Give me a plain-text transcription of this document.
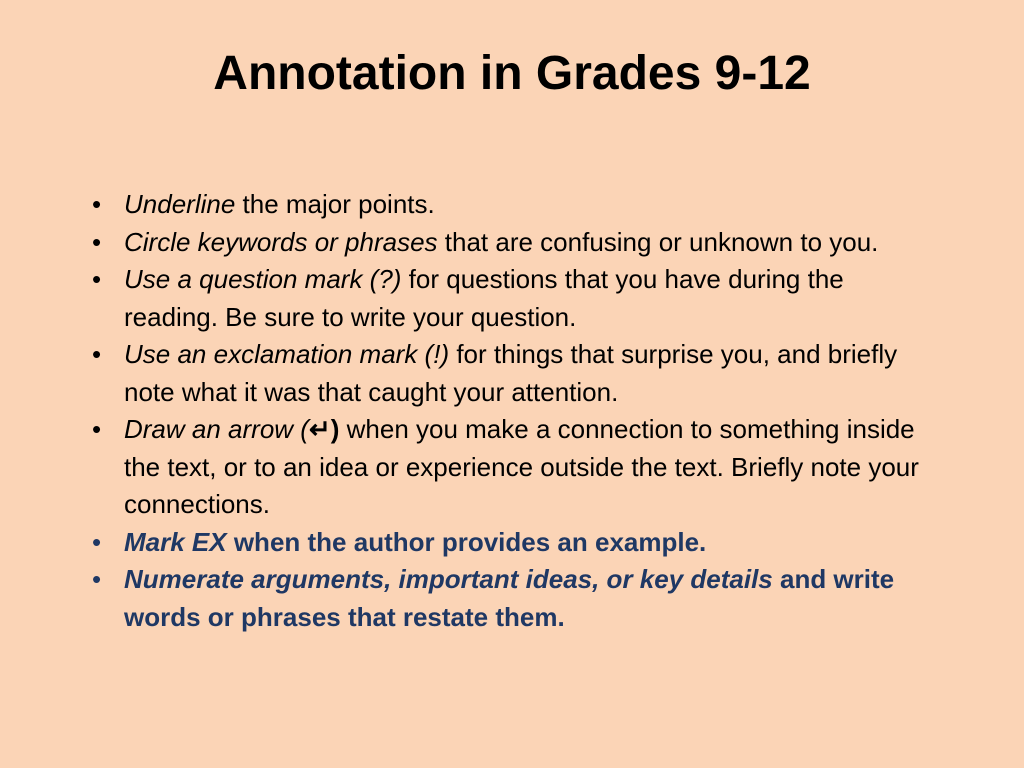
Annotation in Grades 9-12
• Underline the major points.
• Circle keywords or phrases that are confusing or unknown to you.
• Use a question mark (?) for questions that you have during the reading. Be sure to write your question.
• Use an exclamation mark (!) for things that surprise you, and briefly note what it was that caught your attention.
• Draw an arrow (↵) when you make a connection to something inside the text, or to an idea or experience outside the text. Briefly note your connections.
• Mark EX when the author provides an example.
• Numerate arguments, important ideas, or key details and write words or phrases that restate them.
